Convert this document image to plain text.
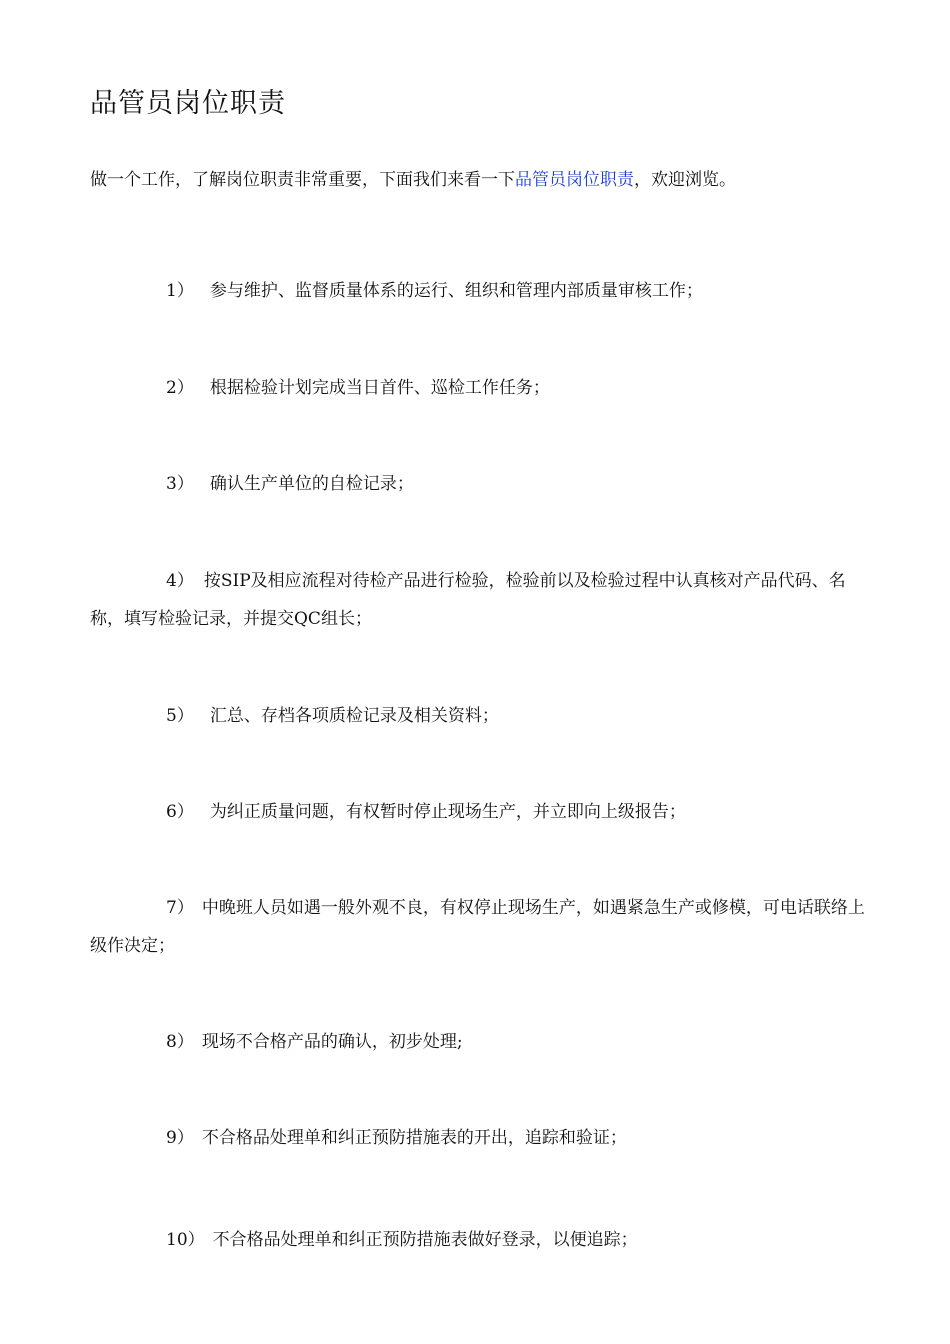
品管员岗位职责

做一个工作，了解岗位职责非常重要，下面我们来看一下品管员岗位职责，欢迎浏览。

1） 参与维护、监督质量体系的运行、组织和管理内部质量审核工作；

2） 根据检验计划完成当日首件、巡检工作任务；

3） 确认生产单位的自检记录；

4） 按SIP及相应流程对待检产品进行检验，检验前以及检验过程中认真核对产品代码、名称，填写检验记录，并提交QC组长；

5） 汇总、存档各项质检记录及相关资料；

6） 为纠正质量问题，有权暂时停止现场生产，并立即向上级报告；

7） 中晚班人员如遇一般外观不良，有权停止现场生产，如遇紧急生产或修模，可电话联络上级作决定；

8） 现场不合格产品的确认，初步处理;

9） 不合格品处理单和纠正预防措施表的开出，追踪和验证；

10） 不合格品处理单和纠正预防措施表做好登录，以便追踪；
